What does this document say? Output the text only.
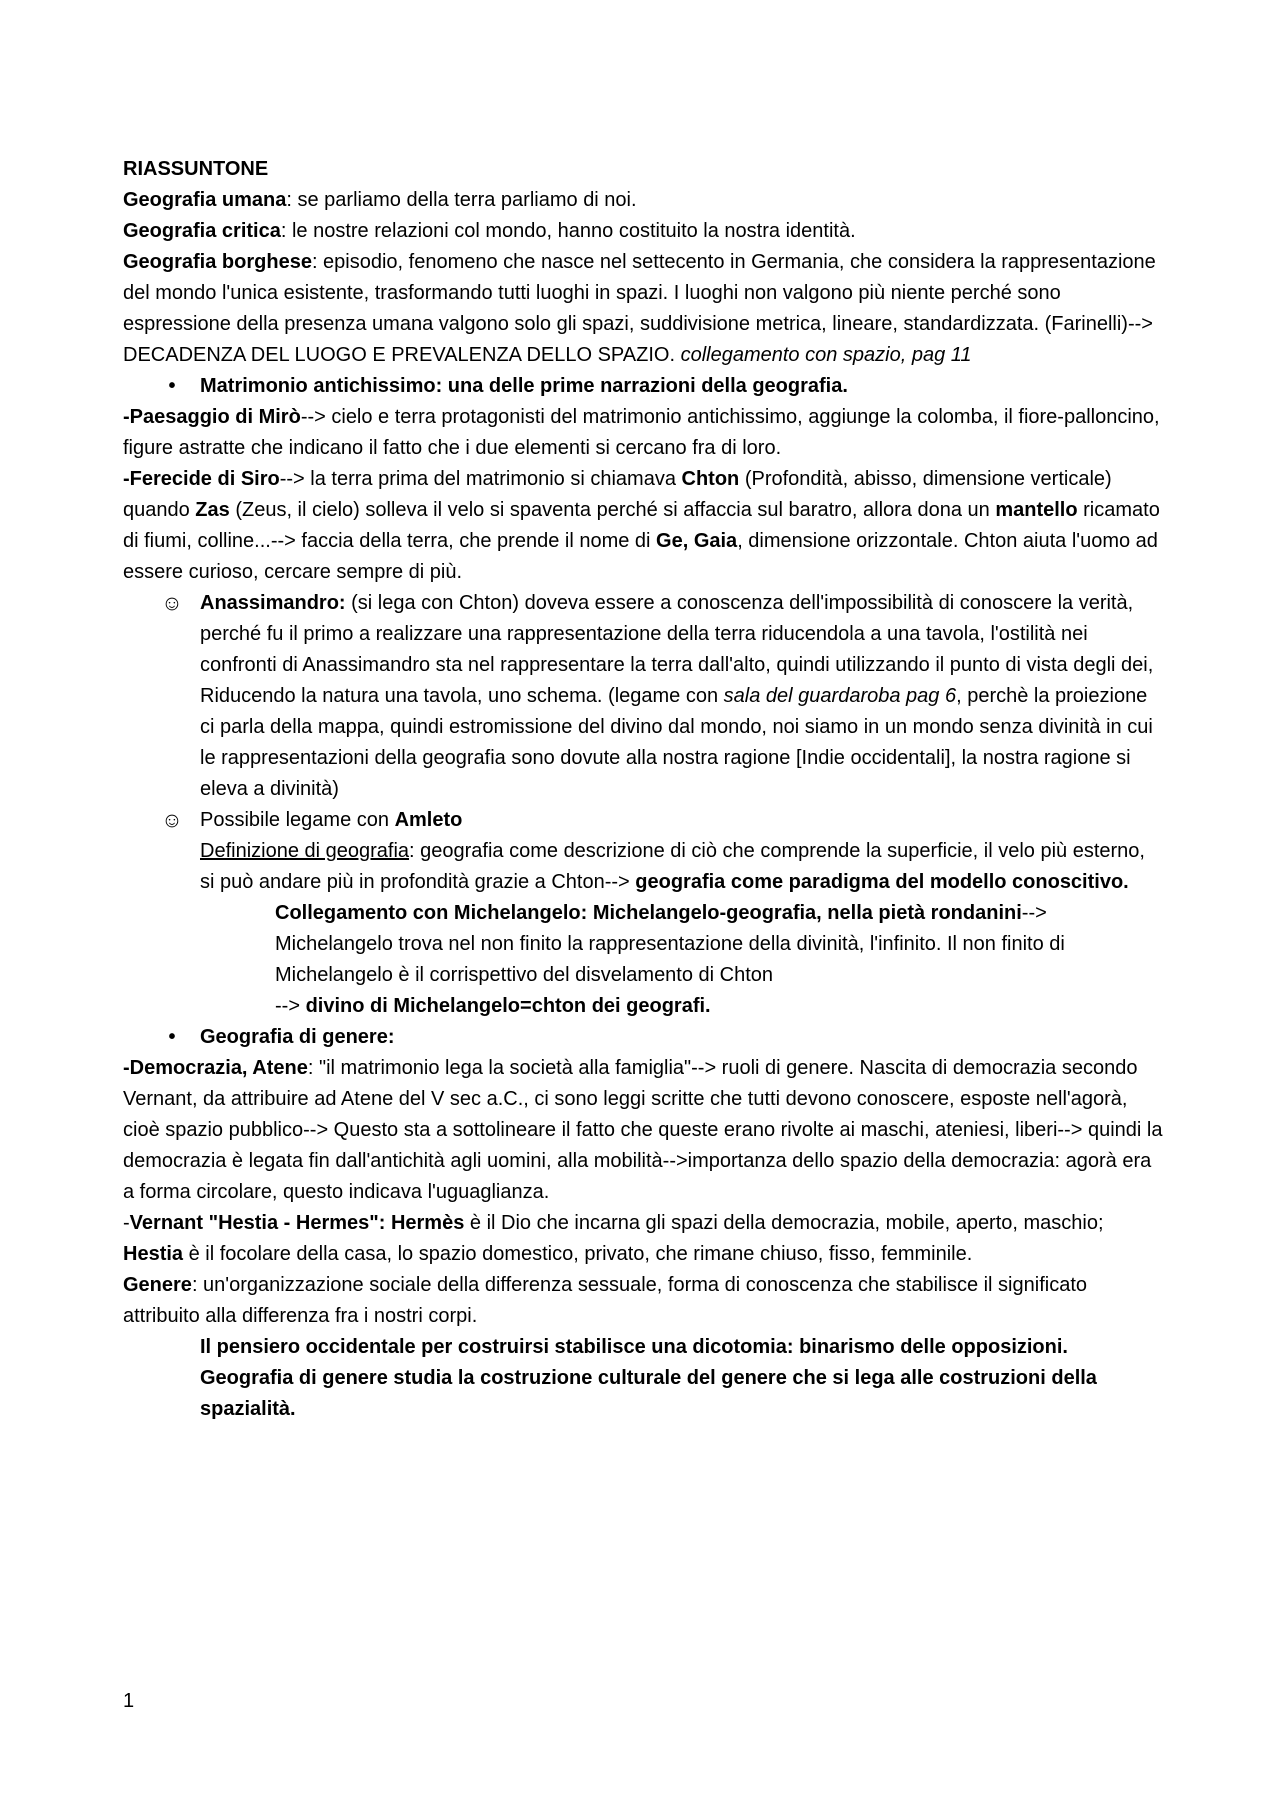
RIASSUNTONE

Geografia umana: se parliamo della terra parliamo di noi.

Geografia critica: le nostre relazioni col mondo, hanno costituito la nostra identità.

Geografia borghese: episodio, fenomeno che nasce nel settecento in Germania, che considera la rappresentazione del mondo l'unica esistente, trasformando tutti luoghi in spazi. I luoghi non valgono più niente perché sono espressione della presenza umana valgono solo gli spazi, suddivisione metrica, lineare, standardizzata. (Farinelli)--> DECADENZA DEL LUOGO E PREVALENZA DELLO SPAZIO. collegamento con spazio, pag 11

•	Matrimonio antichissimo: una delle prime narrazioni della geografia.

-Paesaggio di Mirò--> cielo e terra protagonisti del matrimonio antichissimo, aggiunge la colomba, il fiore-palloncino, figure astratte che indicano il fatto che i due elementi si cercano fra di loro.

-Ferecide di Siro--> la terra prima del matrimonio si chiamava Chton (Profondità, abisso, dimensione verticale) quando Zas (Zeus, il cielo) solleva il velo si spaventa perché si affaccia sul baratro, allora dona un mantello ricamato di fiumi, colline...--> faccia della terra, che prende il nome di Ge, Gaia, dimensione orizzontale. Chton aiuta l'uomo ad essere curioso, cercare sempre di più.

☺ Anassimandro: (si lega con Chton) doveva essere a conoscenza dell'impossibilità di conoscere la verità, perché fu il primo a realizzare una rappresentazione della terra riducendola a una tavola, l'ostilità nei confronti di Anassimandro sta nel rappresentare la terra dall'alto, quindi utilizzando il punto di vista degli dei, Riducendo la natura una tavola, uno schema. (legame con sala del guardaroba pag 6, perchè la proiezione ci parla della mappa, quindi estromissione del divino dal mondo, noi siamo in un mondo senza divinità in cui le rappresentazioni della geografia sono dovute alla nostra ragione [Indie occidentali], la nostra ragione si eleva a divinità)
☺ Possibile legame con Amleto
Definizione di geografia: geografia come descrizione di ciò che comprende la superficie, il velo più esterno, si può andare più in profondità grazie a Chton--> geografia come paradigma del modello conoscitivo.
Collegamento con Michelangelo: Michelangelo-geografia, nella pietà rondanini--> Michelangelo trova nel non finito la rappresentazione della divinità, l'infinito. Il non finito di Michelangelo è il corrispettivo del disvelamento di Chton
--> divino di Michelangelo=chton dei geografi.
•	Geografia di genere:

-Democrazia, Atene: "il matrimonio lega la società alla famiglia"--> ruoli di genere. Nascita di democrazia secondo Vernant, da attribuire ad Atene del V sec a.C., ci sono leggi scritte che tutti devono conoscere, esposte nell'agorà, cioè spazio pubblico--> Questo sta a sottolineare il fatto che queste erano rivolte ai maschi, ateniesi, liberi--> quindi la democrazia è legata fin dall'antichità agli uomini, alla mobilità-->importanza dello spazio della democrazia: agorà era a forma circolare, questo indicava l'uguaglianza.

-Vernant "Hestia - Hermes": Hermès è il Dio che incarna gli spazi della democrazia, mobile, aperto, maschio; Hestia è il focolare della casa, lo spazio domestico, privato, che rimane chiuso, fisso, femminile.

Genere: un'organizzazione sociale della differenza sessuale, forma di conoscenza che stabilisce il significato attribuito alla differenza fra i nostri corpi.

Il pensiero occidentale per costruirsi stabilisce una dicotomia: binarismo delle opposizioni.
Geografia di genere studia la costruzione culturale del genere che si lega alle costruzioni della spazialità.
1
